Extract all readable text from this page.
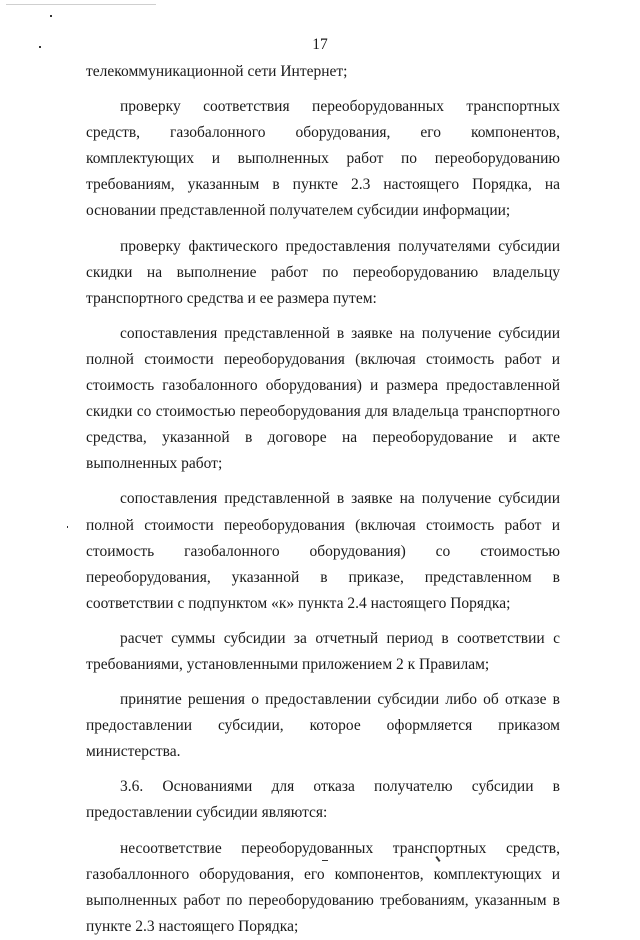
17

телекоммуникационной сети Интернет;

проверку соответствия переоборудованных транспортных средств, газобалонного оборудования, его компонентов, комплектующих и выполненных работ по переоборудованию требованиям, указанным в пункте 2.3 настоящего Порядка, на основании представленной получателем субсидии информации;

проверку фактического предоставления получателями субсидии скидки на выполнение работ по переоборудованию владельцу транспортного средства и ее размера путем:

сопоставления представленной в заявке на получение субсидии полной стоимости переоборудования (включая стоимость работ и стоимость газобалонного оборудования) и размера предоставленной скидки со стоимостью переоборудования для владельца транспортного средства, указанной в договоре на переоборудование и акте выполненных работ;

сопоставления представленной в заявке на получение субсидии полной стоимости переоборудования (включая стоимость работ и стоимость газобалонного оборудования) со стоимостью переоборудования, указанной в приказе, представленном в соответствии с подпунктом «к» пункта 2.4 настоящего Порядка;

расчет суммы субсидии за отчетный период в соответствии с требованиями, установленными приложением 2 к Правилам;

принятие решения о предоставлении субсидии либо об отказе в предоставлении субсидии, которое оформляется приказом министерства.

3.6. Основаниями для отказа получателю субсидии в предоставлении субсидии являются:

несоответствие переоборудованных транспортных средств, газобаллонного оборудования, его компонентов, комплектующих и выполненных работ по переоборудованию требованиям, указанным в пункте 2.3 настоящего Порядка;
